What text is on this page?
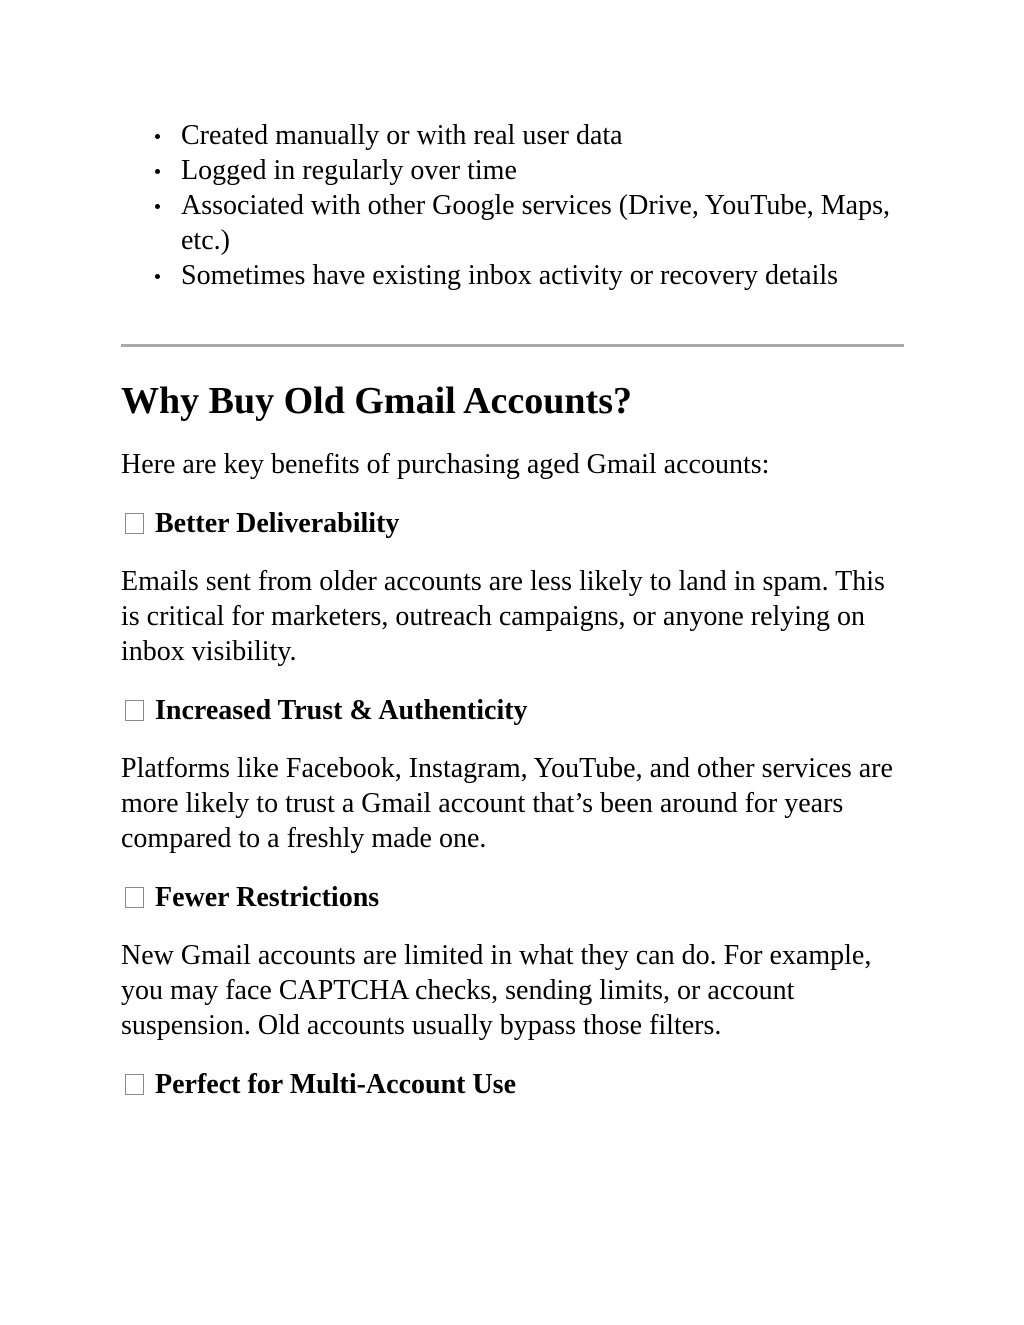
Created manually or with real user data
Logged in regularly over time
Associated with other Google services (Drive, YouTube, Maps, etc.)
Sometimes have existing inbox activity or recovery details
Why Buy Old Gmail Accounts?

Here are key benefits of purchasing aged Gmail accounts:

Better Deliverability

Emails sent from older accounts are less likely to land in spam. This is critical for marketers, outreach campaigns, or anyone relying on inbox visibility.

Increased Trust & Authenticity

Platforms like Facebook, Instagram, YouTube, and other services are more likely to trust a Gmail account that’s been around for years compared to a freshly made one.

Fewer Restrictions

New Gmail accounts are limited in what they can do. For example, you may face CAPTCHA checks, sending limits, or account suspension. Old accounts usually bypass those filters.

Perfect for Multi-Account Use
